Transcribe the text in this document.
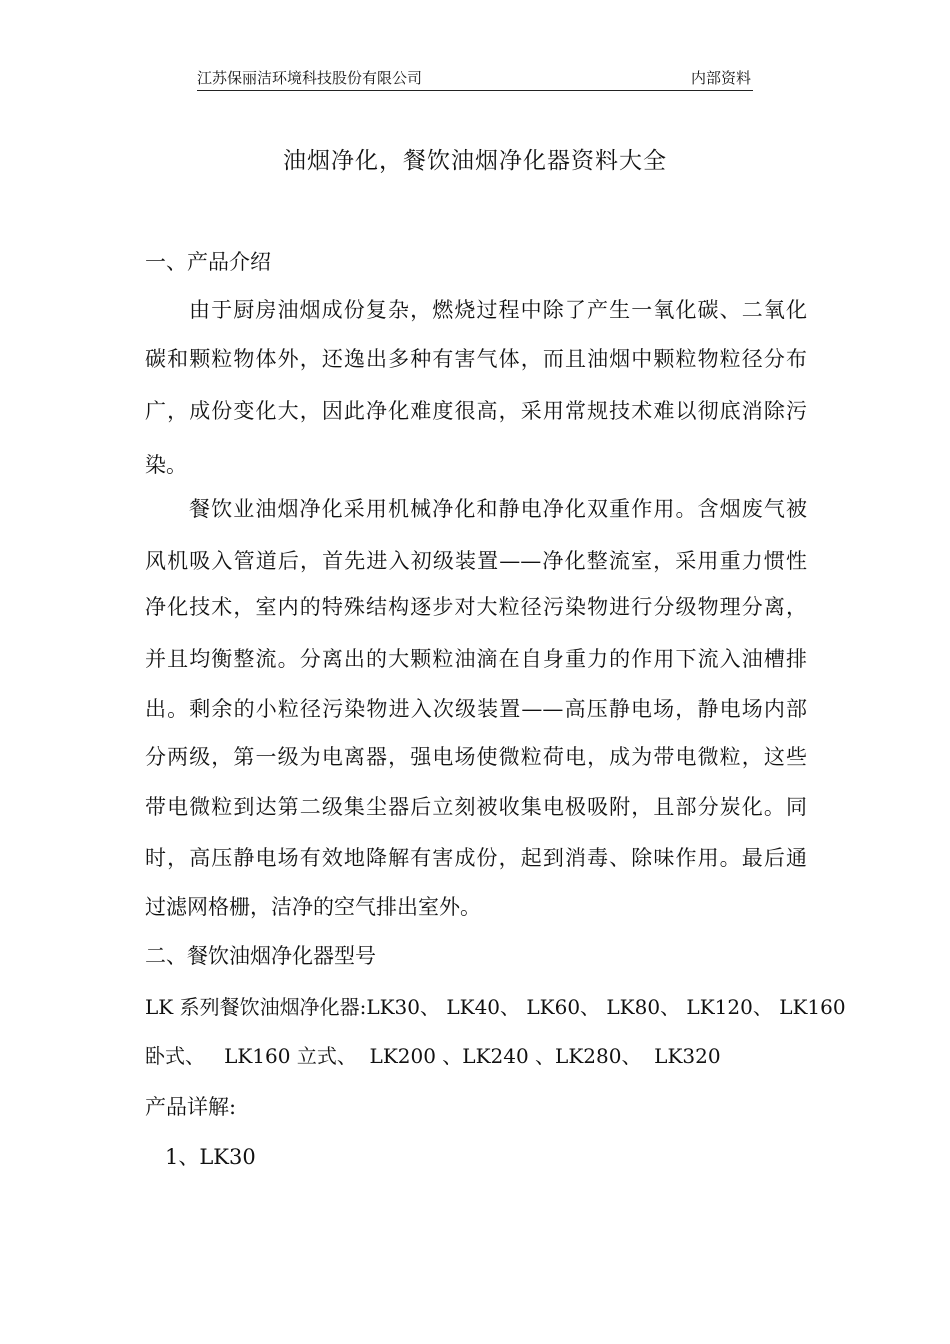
江苏保丽洁环境科技股份有限公司	内部资料
油烟净化，餐饮油烟净化器资料大全
一、产品介绍
由于厨房油烟成份复杂，燃烧过程中除了产生一氧化碳、二氧化
碳和颗粒物体外，还逸出多种有害气体，而且油烟中颗粒物粒径分布
广，成份变化大，因此净化难度很高，采用常规技术难以彻底消除污
染。
餐饮业油烟净化采用机械净化和静电净化双重作用。含烟废气被
风机吸入管道后，首先进入初级装置——净化整流室，采用重力惯性
净化技术，室内的特殊结构逐步对大粒径污染物进行分级物理分离，
并且均衡整流。分离出的大颗粒油滴在自身重力的作用下流入油槽排
出。剩余的小粒径污染物进入次级装置——高压静电场，静电场内部
分两级，第一级为电离器，强电场使微粒荷电，成为带电微粒，这些
带电微粒到达第二级集尘器后立刻被收集电极吸附，且部分炭化。同
时，高压静电场有效地降解有害成份，起到消毒、除味作用。最后通
过滤网格栅，洁净的空气排出室外。
二、餐饮油烟净化器型号
LK 系列餐饮油烟净化器:LK30、 LK40、 LK60、 LK80、 LK120、 LK160
卧式、   LK160 立式、  LK200 、LK240 、LK280、  LK320
产品详解:
1、LK30
